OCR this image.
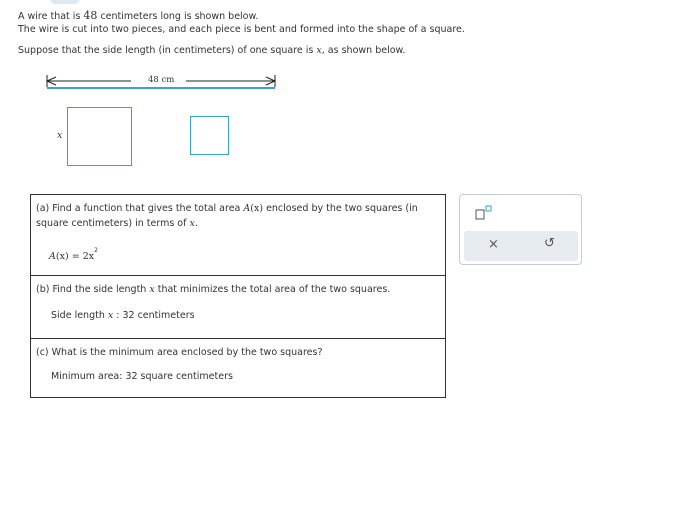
A wire that is 48 centimeters long is shown below.
The wire is cut into two pieces, and each piece is bent and formed into the shape of a square.
Suppose that the side length (in centimeters) of one square is x, as shown below.
48 cm
x
(a) Find a function that gives the total area A(x) enclosed by the two squares (in square centimeters) in terms of x.
$A(x) = 2x^2$
(b) Find the side length x that minimizes the total area of the two squares.
Side length x : 32 centimeters
(c) What is the minimum area enclosed by the two squares?
Minimum area: 32 square centimeters
×	↺
